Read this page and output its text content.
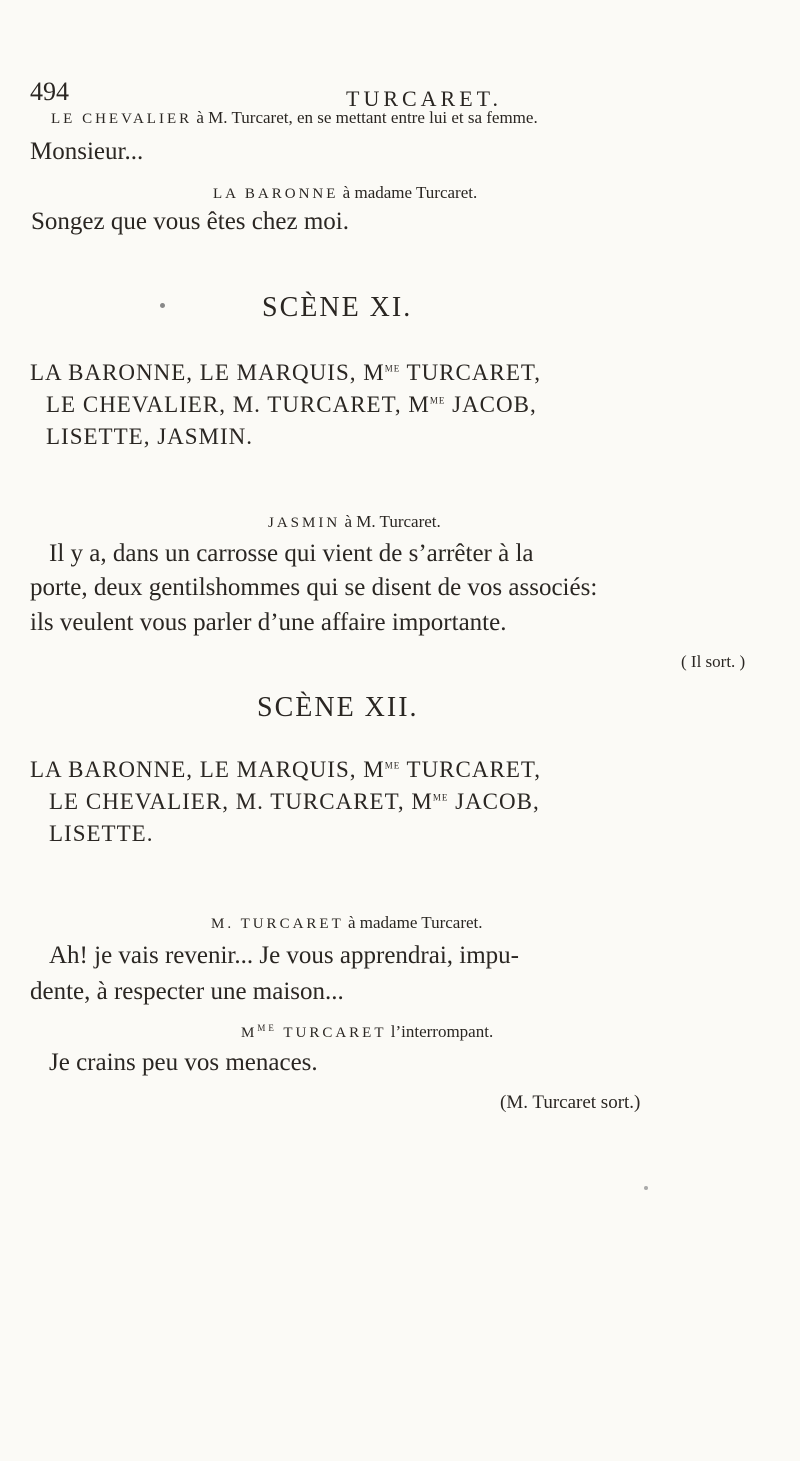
494	TURCARET.
LE CHEVALIER à M. Turcaret, en se mettant entre lui et sa femme.
Monsieur...
LA BARONNE à madame Turcaret.
Songez que vous êtes chez moi.
SCÈNE XI.
LA BARONNE, LE MARQUIS, $M^{ME}$ TURCARET,
LE CHEVALIER, M. TURCARET, $M^{ME}$ JACOB,
LISETTE, JASMIN.
JASMIN à M. Turcaret.
Il y a, dans un carrosse qui vient de s’arrêter à la
porte, deux gentilshommes qui se disent de vos associés:
ils veulent vous parler d’une affaire importante.
( Il sort. )
SCÈNE XII.
LA BARONNE, LE MARQUIS, $M^{ME}$ TURCARET,
LE CHEVALIER, M. TURCARET, $M^{ME}$ JACOB,
LISETTE.
M. TURCARET à madame Turcaret.
Ah! je vais revenir... Je vous apprendrai, impu-
dente, à respecter une maison...
$M^{ME}$ TURCARET l’interrompant.
Je crains peu vos menaces.
(M. Turcaret sort.)
